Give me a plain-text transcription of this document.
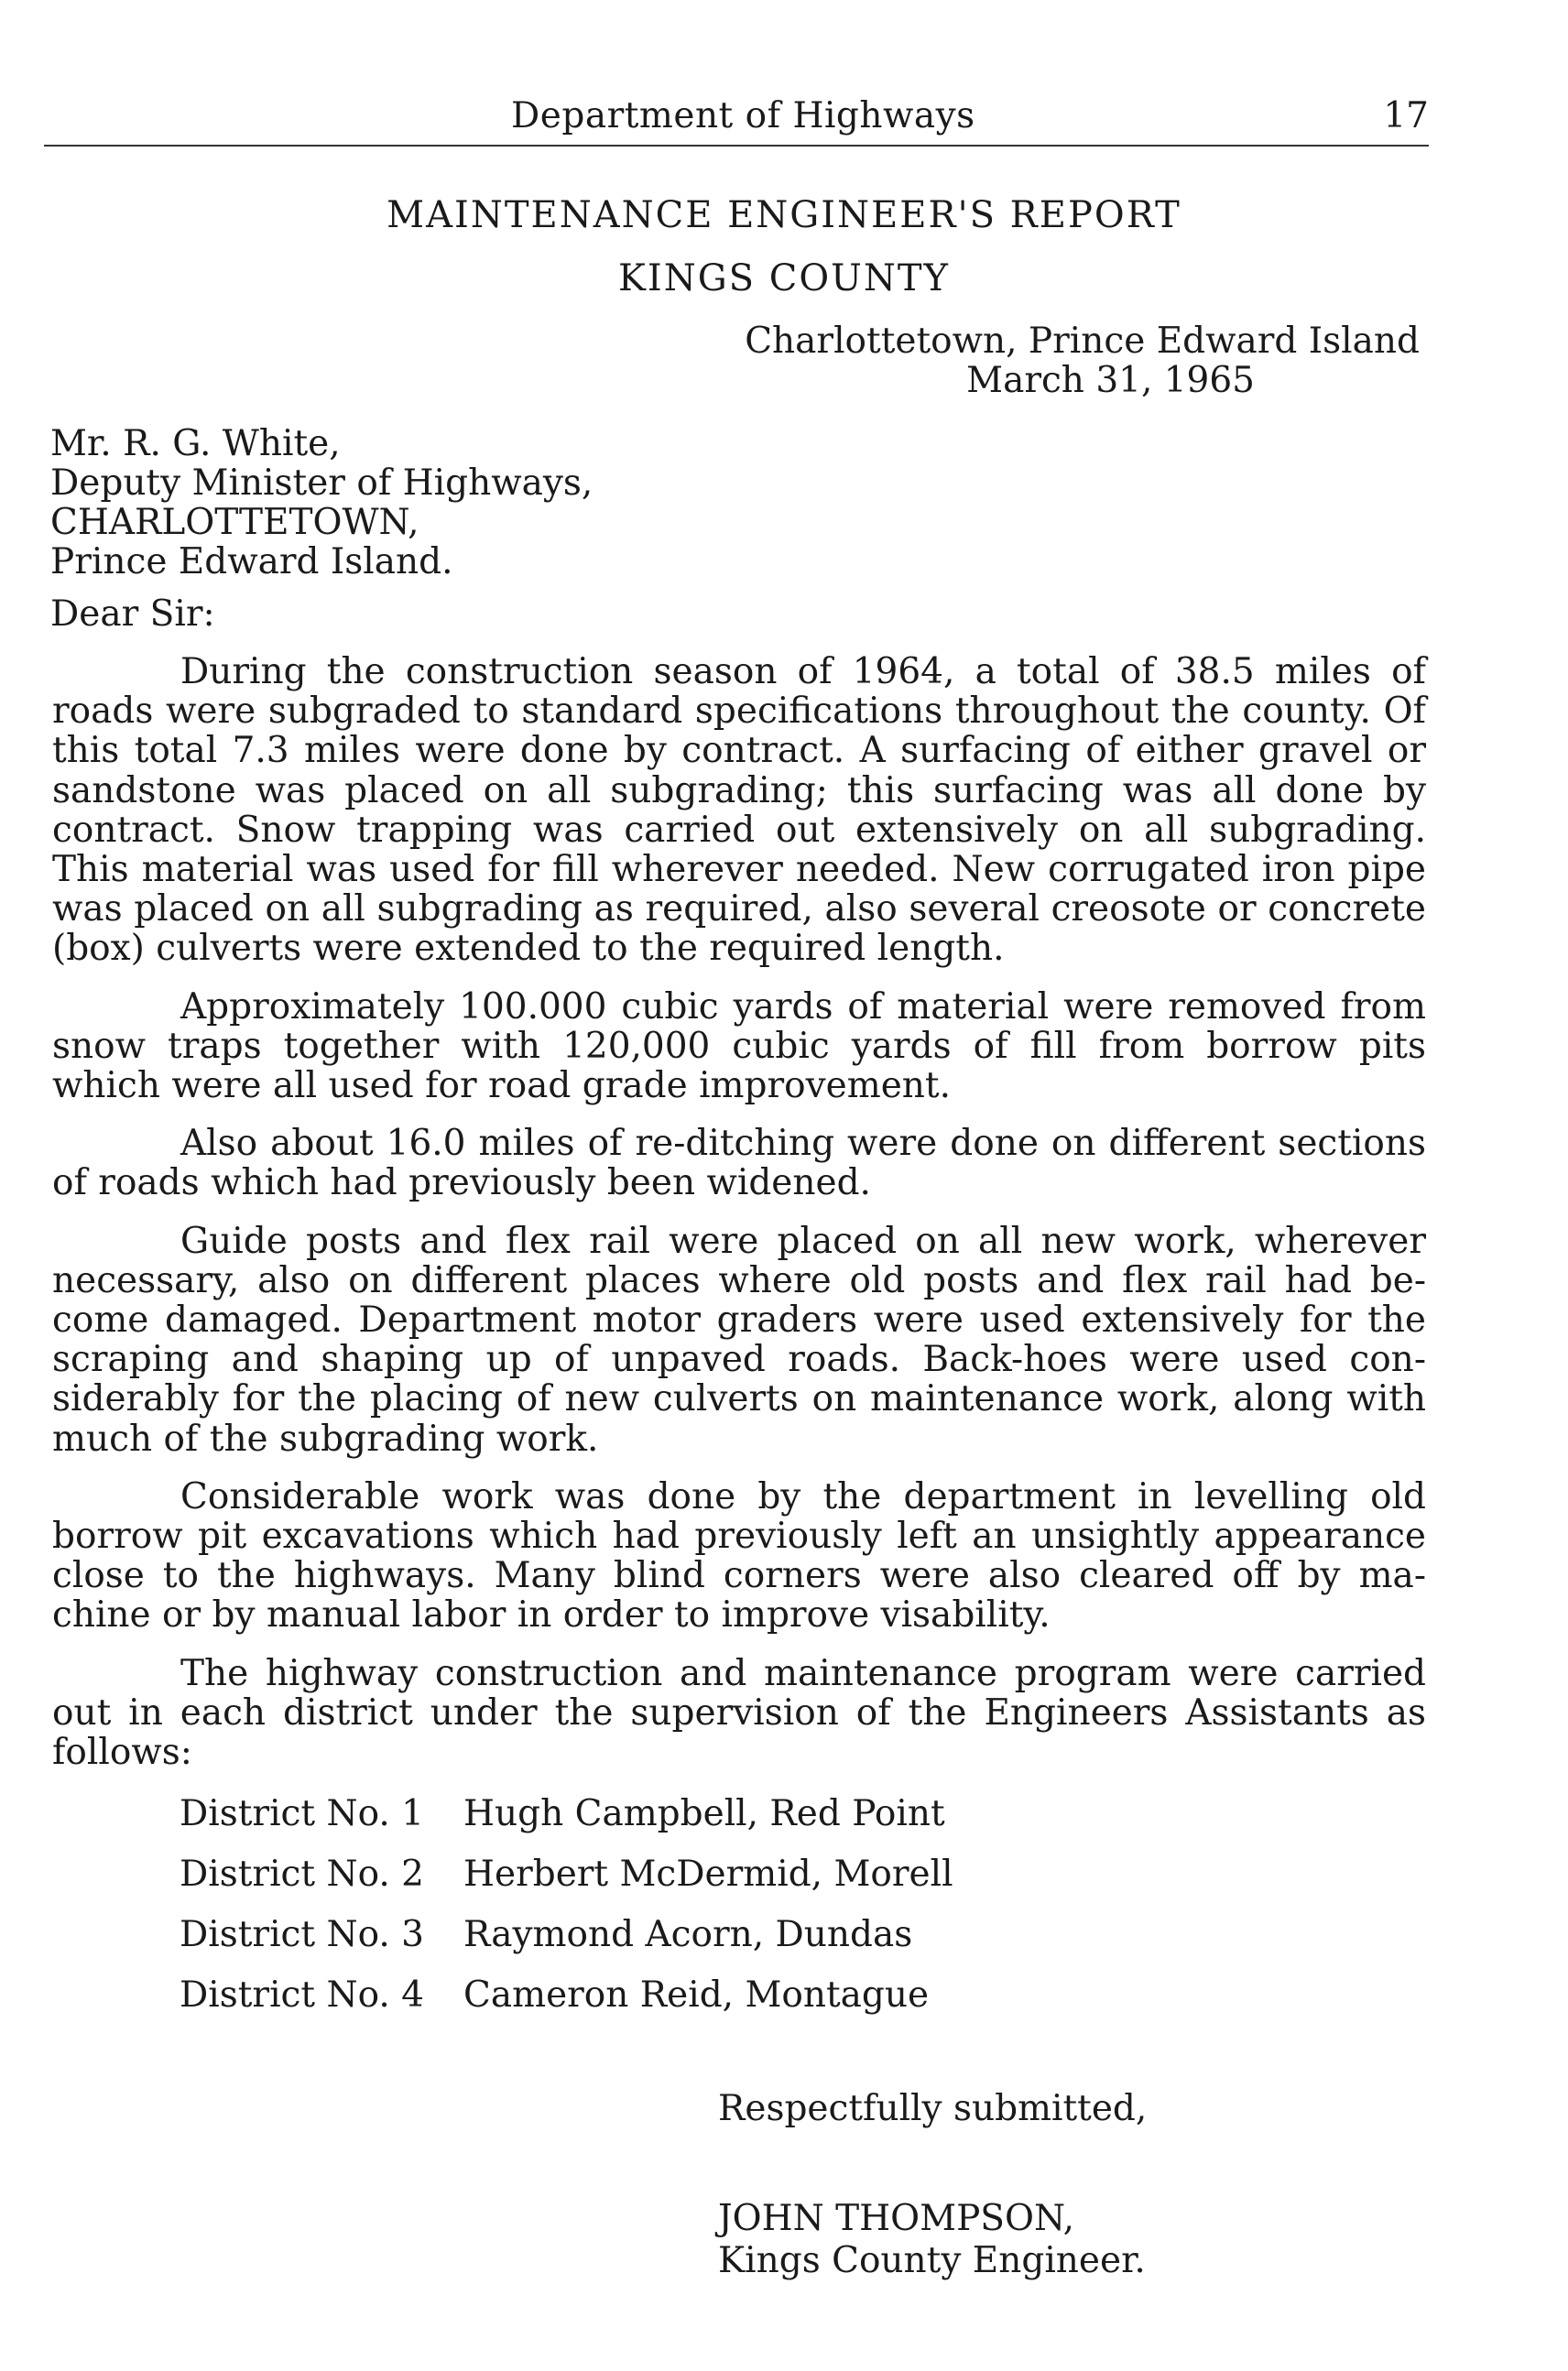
Department of Highways	17
MAINTENANCE ENGINEER'S REPORT
KINGS COUNTY
Charlottetown, Prince Edward Island
March 31, 1965
Mr. R. G. White,
Deputy Minister of Highways,
CHARLOTTETOWN,
Prince Edward Island.
Dear Sir:

During the construction season of 1964, a total of 38.5 miles of roads were subgraded to standard specifications throughout the county. Of this total 7.3 miles were done by contract. A surfacing of either gravel or sandstone was placed on all subgrading; this surfacing was all done by contract. Snow trapping was carried out extensively on all subgrading. This material was used for fill wherever needed. New corrugated iron pipe was placed on all subgrading as required, also several creosote or concrete (box) culverts were extended to the required length.

Approximately 100.000 cubic yards of material were removed from snow traps together with 120,000 cubic yards of fill from borrow pits which were all used for road grade improvement.

Also about 16.0 miles of re-ditching were done on different sections of roads which had previously been widened.

Guide posts and flex rail were placed on all new work, wherever necessary, also on different places where old posts and flex rail had become damaged. Department motor graders were used extensively for the scraping and shaping up of unpaved roads. Back-hoes were used considerably for the placing of new culverts on maintenance work, along with much of the subgrading work.

Considerable work was done by the department in levelling old borrow pit excavations which had previously left an unsightly appearance close to the highways. Many blind corners were also cleared off by machine or by manual labor in order to improve visability.

The highway construction and maintenance program were carried out in each district under the supervision of the Engineers Assistants as follows:

District No. 1 Hugh Campbell, Red Point
District No. 2 Herbert McDermid, Morell
District No. 3 Raymond Acorn, Dundas
District No. 4 Cameron Reid, Montague
Respectfully submitted,
JOHN THOMPSON,
Kings County Engineer.
